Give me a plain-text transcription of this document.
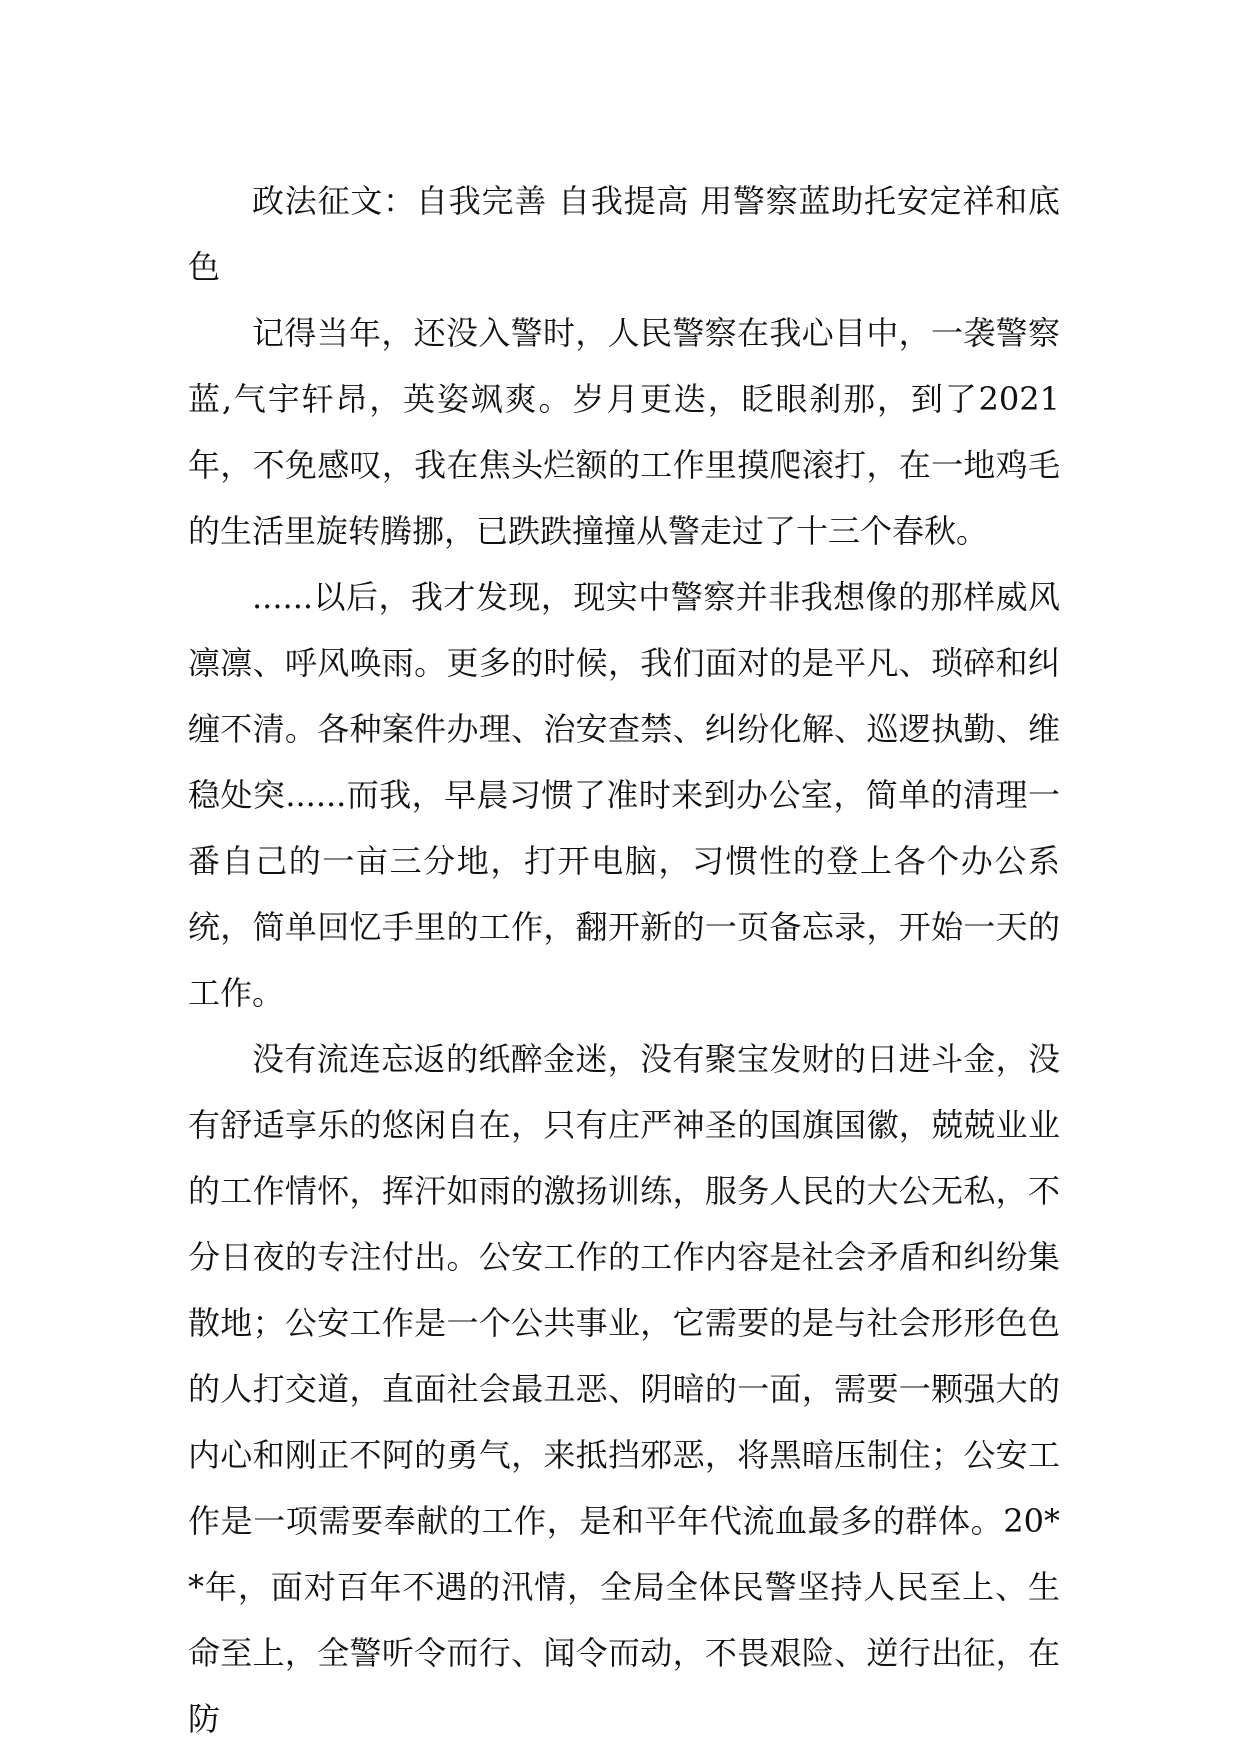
政法征文：自我完善 自我提高 用警察蓝助托安定祥和底色

记得当年，还没入警时，人民警察在我心目中，一袭警察蓝,气宇轩昂，英姿飒爽。岁月更迭，眨眼刹那，到了2021年，不免感叹，我在焦头烂额的工作里摸爬滚打，在一地鸡毛的生活里旋转腾挪，已跌跌撞撞从警走过了十三个春秋。

......以后，我才发现，现实中警察并非我想像的那样威风凛凛、呼风唤雨。更多的时候，我们面对的是平凡、琐碎和纠缠不清。各种案件办理、治安查禁、纠纷化解、巡逻执勤、维稳处突......而我，早晨习惯了准时来到办公室，简单的清理一番自己的一亩三分地，打开电脑，习惯性的登上各个办公系统，简单回忆手里的工作，翻开新的一页备忘录，开始一天的工作。

没有流连忘返的纸醉金迷，没有聚宝发财的日进斗金，没有舒适享乐的悠闲自在，只有庄严神圣的国旗国徽，兢兢业业的工作情怀，挥汗如雨的激扬训练，服务人民的大公无私，不分日夜的专注付出。公安工作的工作内容是社会矛盾和纠纷集散地；公安工作是一个公共事业，它需要的是与社会形形色色的人打交道，直面社会最丑恶、阴暗的一面，需要一颗强大的内心和刚正不阿的勇气，来抵挡邪恶，将黑暗压制住；公安工作是一项需要奉献的工作，是和平年代流血最多的群体。20**年，面对百年不遇的汛情，全局全体民警坚持人民至上、生命至上，全警听令而行、闻令而动，不畏艰险、逆行出征，在防
